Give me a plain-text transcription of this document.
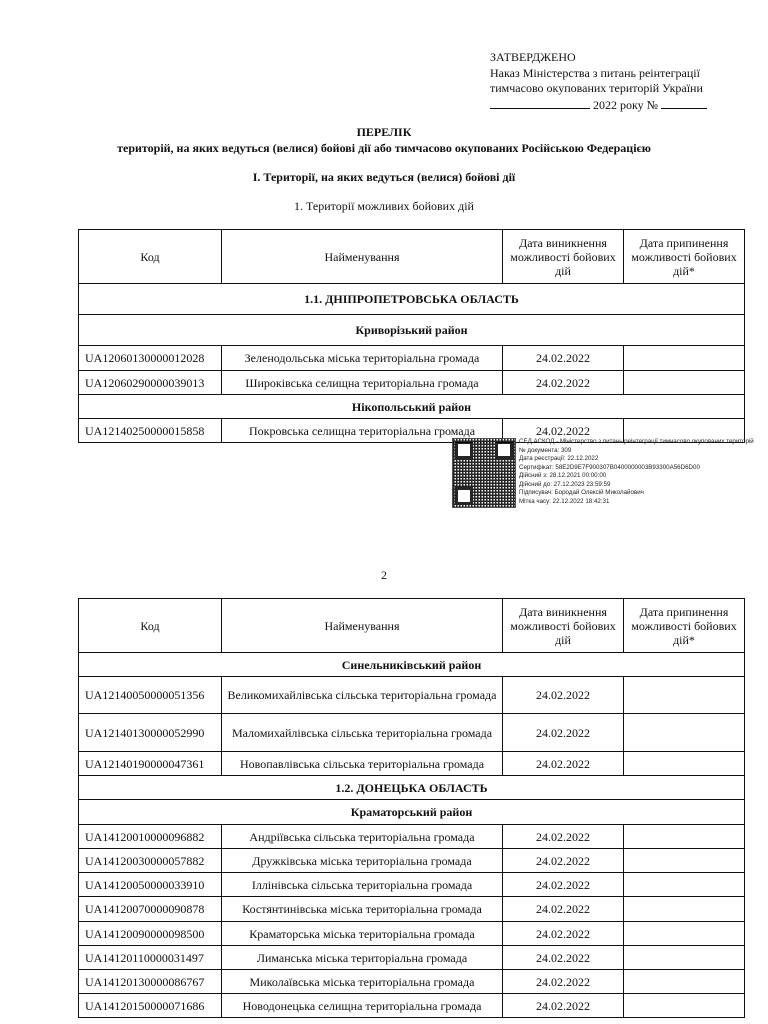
ЗАТВЕРДЖЕНО
Наказ Міністерства з питань реінтеграції
тимчасово окупованих територій України
2022 року №
ПЕРЕЛІК
територій, на яких ведуться (велися) бойові дії або тимчасово окупованих Російською Федерацією
І. Території, на яких ведуться (велися) бойові дії
1. Території можливих бойових дій
Код	Найменування	Дата виникнення можливості бойових дій	Дата припинення можливості бойових дій*
1.1. ДНІПРОПЕТРОВСЬКА ОБЛАСТЬ			
Криворізький район			
UA12060130000012028	Зеленодольська міська територіальна громада	24.02.2022	
UA12060290000039013	Широківська селищна територіальна громада	24.02.2022	
Нікопольський район			
UA12140250000015858	Покровська селищна територіальна громада	24.02.2022	
СЕД АСКОД - Міністерство з питань реінтеграції тимчасово окупованих територій
№ документа: 309
Дата реєстрації: 22.12.2022
Сертифікат: 58E2D9E7F900307B0400000003B93300A56D6D00
Дійсний з: 28.12.2021 00:00:00
Дійсний до: 27.12.2023 23:59:59
Підписувач: Бородай Олексій Миколайович
Мітка часу: 22.12.2022 18:42:31
2
Код	Найменування	Дата виникнення можливості бойових дій	Дата припинення можливості бойових дій*
Синельниківський район			
UA12140050000051356	Великомихайлівська сільська територіальна громада	24.02.2022	
UA12140130000052990	Маломихайлівська сільська територіальна громада	24.02.2022	
UA12140190000047361	Новопавлівська сільська територіальна громада	24.02.2022	
1.2. ДОНЕЦЬКА ОБЛАСТЬ			
Краматорський район			
UA14120010000096882	Андріївська сільська територіальна громада	24.02.2022	
UA14120030000057882	Дружківська міська територіальна громада	24.02.2022	
UA14120050000033910	Іллінівська сільська територіальна громада	24.02.2022	
UA14120070000090878	Костянтинівська міська територіальна громада	24.02.2022	
UA14120090000098500	Краматорська міська територіальна громада	24.02.2022	
UA14120110000031497	Лиманська міська територіальна громада	24.02.2022	
UA14120130000086767	Миколаївська міська територіальна громада	24.02.2022	
UA14120150000071686	Новодонецька селищна територіальна громада	24.02.2022	
